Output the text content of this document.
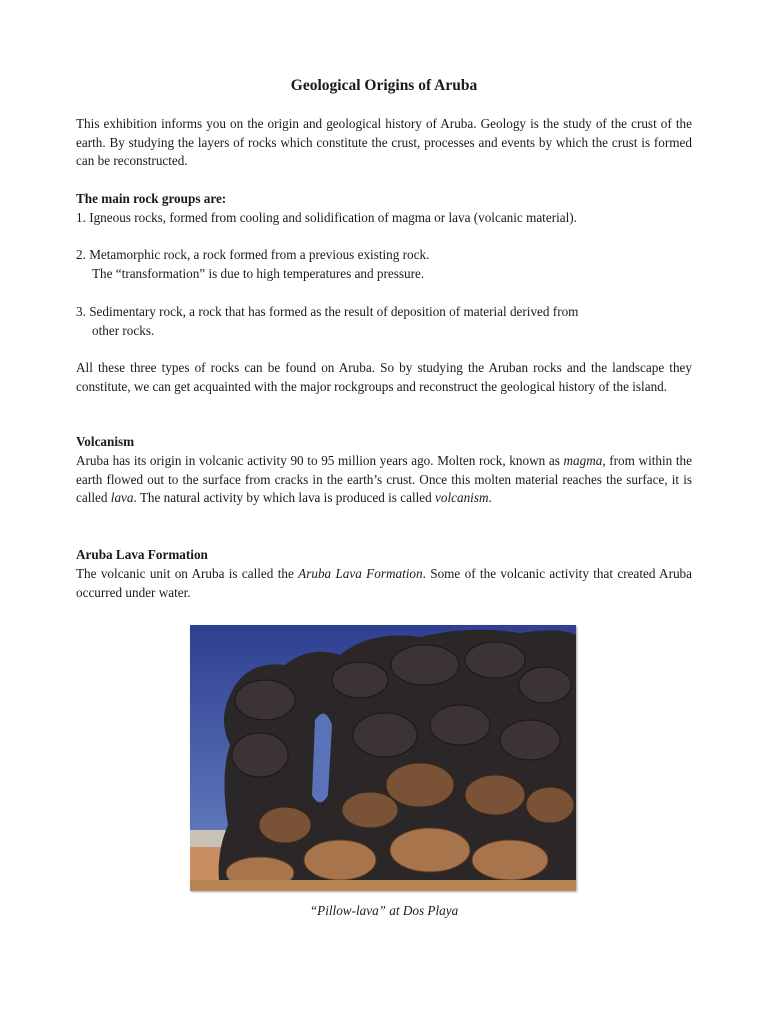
Geological Origins of Aruba

This exhibition informs you on the origin and geological history of Aruba. Geology is the study of the crust of the earth. By studying the layers of rocks which constitute the crust, processes and events by which the crust is formed can be reconstructed.

The main rock groups are:

1. Igneous rocks, formed from cooling and solidification of magma or lava (volcanic material).

2. Metamorphic rock, a rock formed from a previous existing rock.
The “transformation” is due to high temperatures and pressure.

3. Sedimentary rock, a rock that has formed as the result of deposition of material derived from
other rocks.

All these three types of rocks can be found on Aruba. So by studying the Aruban rocks and the landscape they constitute, we can get acquainted with the major rockgroups and reconstruct the geological history of the island.

Volcanism

Aruba has its origin in volcanic activity 90 to 95 million years ago. Molten rock, known as magma, from within the earth flowed out to the surface from cracks in the earth’s crust. Once this molten material reaches the surface, it is called lava. The natural activity by which lava is produced is called volcanism.

Aruba Lava Formation

The volcanic unit on Aruba is called the Aruba Lava Formation. Some of the volcanic activity that created Aruba occurred under water.

“Pillow-lava” at Dos Playa
